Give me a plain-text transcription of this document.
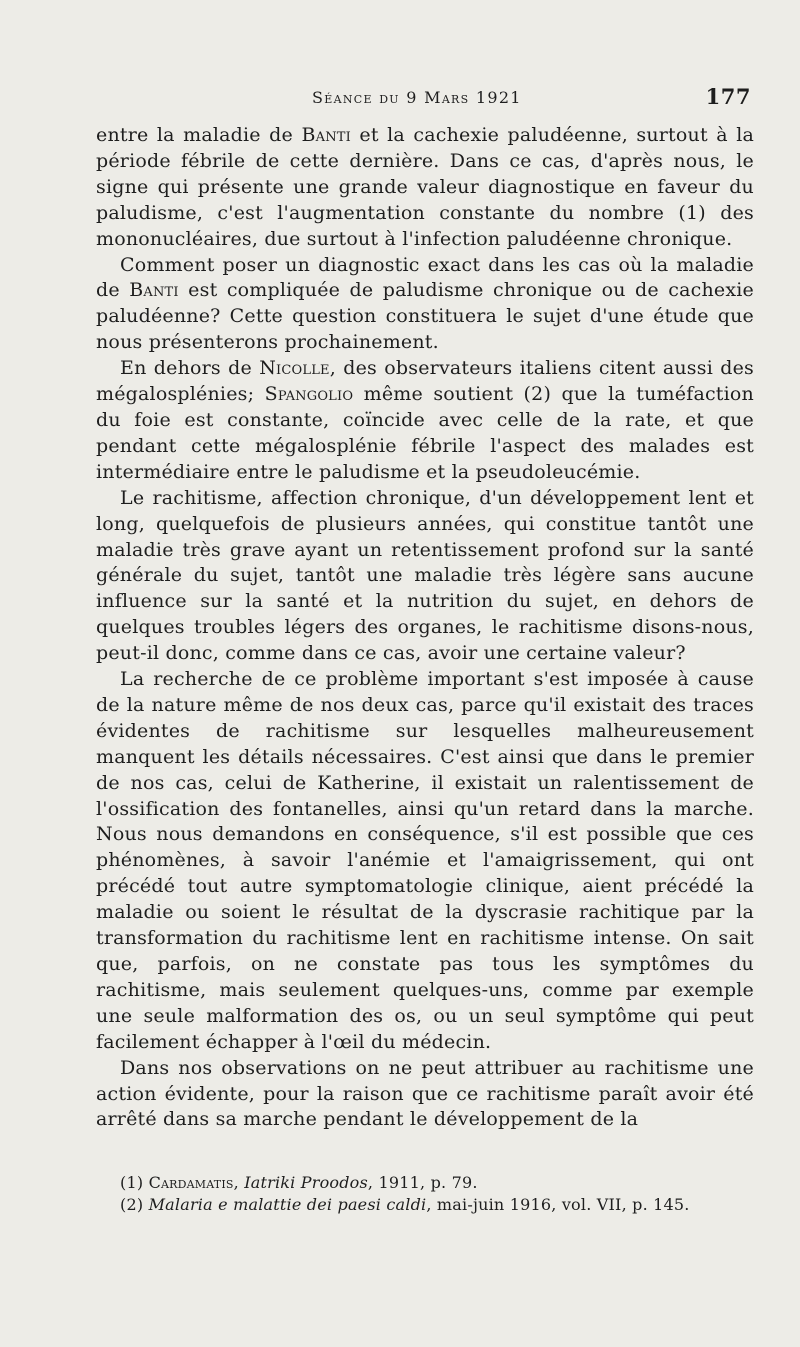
Séance du 9 Mars 1921	177

entre la maladie de Banti et la cachexie paludéenne, surtout à la période fébrile de cette dernière. Dans ce cas, d'après nous, le signe qui présente une grande valeur diagnostique en faveur du paludisme, c'est l'augmentation constante du nombre (1) des mononucléaires, due surtout à l'infection paludéenne chronique.

Comment poser un diagnostic exact dans les cas où la maladie de Banti est compliquée de paludisme chronique ou de cachexie paludéenne? Cette question constituera le sujet d'une étude que nous présenterons prochainement.

En dehors de Nicolle, des observateurs italiens citent aussi des mégalosplénies; Spangolio même soutient (2) que la tuméfaction du foie est constante, coïncide avec celle de la rate, et que pendant cette mégalosplénie fébrile l'aspect des malades est intermédiaire entre le paludisme et la pseudoleucémie.

Le rachitisme, affection chronique, d'un développement lent et long, quelquefois de plusieurs années, qui constitue tantôt une maladie très grave ayant un retentissement profond sur la santé générale du sujet, tantôt une maladie très légère sans aucune influence sur la santé et la nutrition du sujet, en dehors de quelques troubles légers des organes, le rachitisme disons-nous, peut-il donc, comme dans ce cas, avoir une certaine valeur?

La recherche de ce problème important s'est imposée à cause de la nature même de nos deux cas, parce qu'il existait des traces évidentes de rachitisme sur lesquelles malheureusement manquent les détails nécessaires. C'est ainsi que dans le premier de nos cas, celui de Katherine, il existait un ralentissement de l'ossification des fontanelles, ainsi qu'un retard dans la marche. Nous nous demandons en conséquence, s'il est possible que ces phénomènes, à savoir l'anémie et l'amaigrissement, qui ont précédé tout autre symptomatologie clinique, aient précédé la maladie ou soient le résultat de la dyscrasie rachitique par la transformation du rachitisme lent en rachitisme intense. On sait que, parfois, on ne constate pas tous les symptômes du rachitisme, mais seulement quelques-uns, comme par exemple une seule malformation des os, ou un seul symptôme qui peut facilement échapper à l'œil du médecin.

Dans nos observations on ne peut attribuer au rachitisme une action évidente, pour la raison que ce rachitisme paraît avoir été arrêté dans sa marche pendant le développement de la

(1) Cardamatis, Iatriki Proodos, 1911, p. 79.

(2) Malaria e malattie dei paesi caldi, mai-juin 1916, vol. VII, p. 145.
